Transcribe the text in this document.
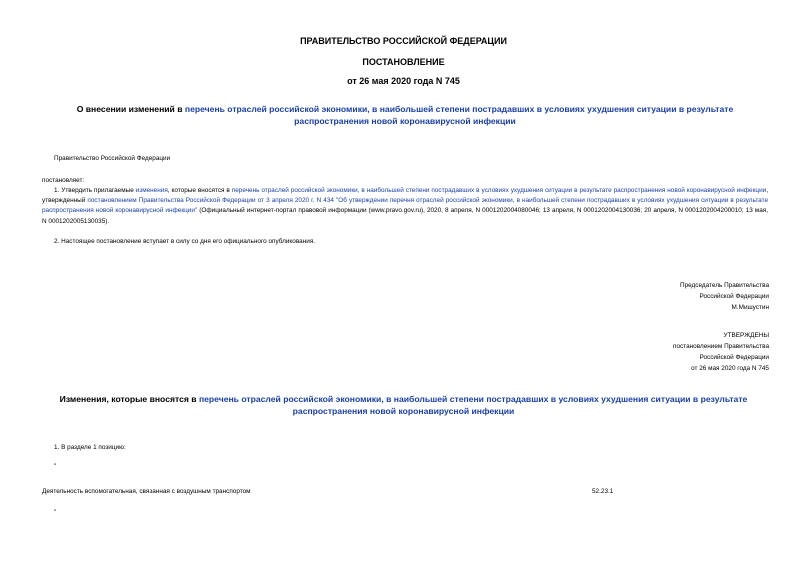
ПРАВИТЕЛЬСТВО РОССИЙСКОЙ ФЕДЕРАЦИИ
ПОСТАНОВЛЕНИЕ
от 26 мая 2020 года N 745
О внесении изменений в перечень отраслей российской экономики, в наибольшей степени пострадавших в условиях ухудшения ситуации в результате распространения новой коронавирусной инфекции
Правительство Российской Федерации
постановляет:
1. Утвердить прилагаемые изменения, которые вносятся в перечень отраслей российской экономики, в наибольшей степени пострадавших в условиях ухудшения ситуации в результате распространения новой коронавирусной инфекции, утвержденный постановлением Правительства Российской Федерации от 3 апреля 2020 г. N 434 "Об утверждении перечня отраслей российской экономики, в наибольшей степени пострадавших в условиях ухудшения ситуации в результате распространения новой коронавирусной инфекции" (Официальный интернет-портал правовой информации (www.pravo.gov.ru), 2020, 8 апреля, N 0001202004080046; 13 апреля, N 0001202004130036; 20 апреля, N 0001202004200010; 13 мая, N 0001202005130035).
2. Настоящее постановление вступает в силу со дня его официального опубликования.
Председатель Правительства
Российской Федерации
М.Мишустин
УТВЕРЖДЕНЫ
постановлением Правительства
Российской Федерации
от 26 мая 2020 года N 745
Изменения, которые вносятся в перечень отраслей российской экономики, в наибольшей степени пострадавших в условиях ухудшения ситуации в результате распространения новой коронавирусной инфекции
1. В разделе 1 позицию:
"
Деятельность вспомогательная, связанная с воздушным транспортом	52.23.1
"
